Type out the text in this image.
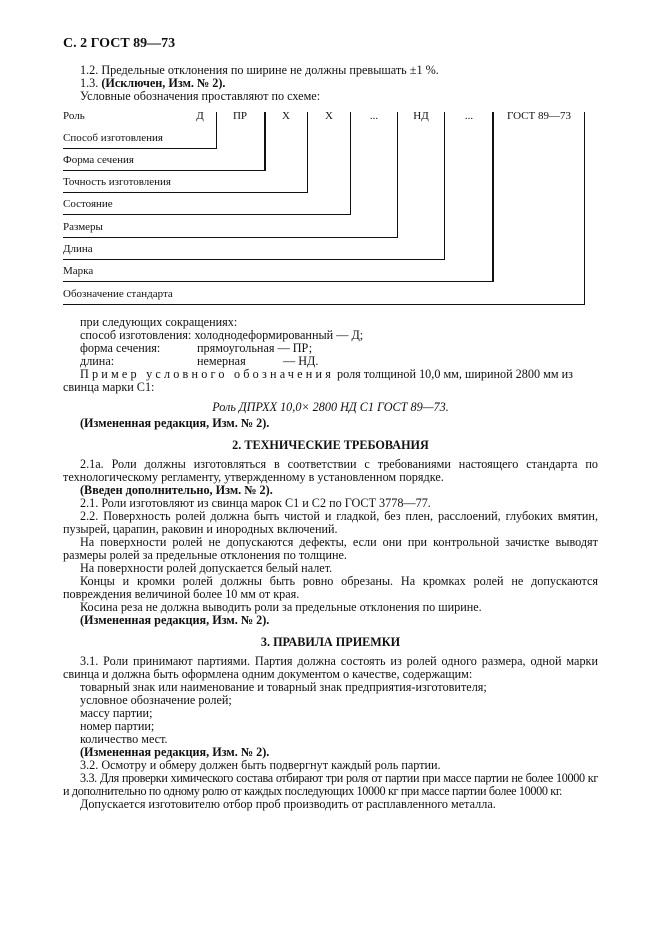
С. 2 ГОСТ 89—73
1.2. Предельные отклонения по ширине не должны превышать ±1 %.
1.3. (Исключен, Изм. № 2).
Условные обозначения проставляют по схеме:
Роль	Д	ПР	Х	Х	...	НД	...	ГОСТ 89—73
Способ изготовления
Форма сечения
Точность изготовления
Состояние
Размеры
Длина
Марка
Обозначение стандарта
при следующих сокращениях:
способ изготовления: холоднодеформированный — Д;
форма сечения:	прямоугольная — ПР;
длина:	немерная	— НД.
Пример условного обозначения роля толщиной 10,0 мм, шириной 2800 мм из
свинца марки С1:
Роль ДПРХХ 10,0× 2800 НД С1 ГОСТ 89—73.
(Измененная редакция, Изм. № 2).
2. ТЕХНИЧЕСКИЕ ТРЕБОВАНИЯ
2.1а. Роли должны изготовляться в соответствии с требованиями настоящего стандарта по технологическому регламенту, утвержденному в установленном порядке.
(Введен дополнительно, Изм. № 2).
2.1. Роли изготовляют из свинца марок С1 и С2 по ГОСТ 3778—77.
2.2. Поверхность ролей должна быть чистой и гладкой, без плен, расслоений, глубоких вмятин, пузырей, царапин, раковин и инородных включений.
На поверхности ролей не допускаются дефекты, если они при контрольной зачистке выводят размеры ролей за предельные отклонения по толщине.
На поверхности ролей допускается белый налет.
Концы и кромки ролей должны быть ровно обрезаны. На кромках ролей не допускаются повреждения величиной более 10 мм от края.
Косина реза не должна выводить роли за предельные отклонения по ширине.
(Измененная редакция, Изм. № 2).
3. ПРАВИЛА ПРИЕМКИ
3.1. Роли принимают партиями. Партия должна состоять из ролей одного размера, одной марки свинца и должна быть оформлена одним документом о качестве, содержащим:
товарный знак или наименование и товарный знак предприятия-изготовителя;
условное обозначение ролей;
массу партии;
номер партии;
количество мест.
(Измененная редакция, Изм. № 2).
3.2. Осмотру и обмеру должен быть подвергнут каждый роль партии.
3.3. Для проверки химического состава отбирают три роля от партии при массе партии не более 10000 кг и дополнительно по одному ролю от каждых последующих 10000 кг при массе партии более 10000 кг.
Допускается изготовителю отбор проб производить от расплавленного металла.
